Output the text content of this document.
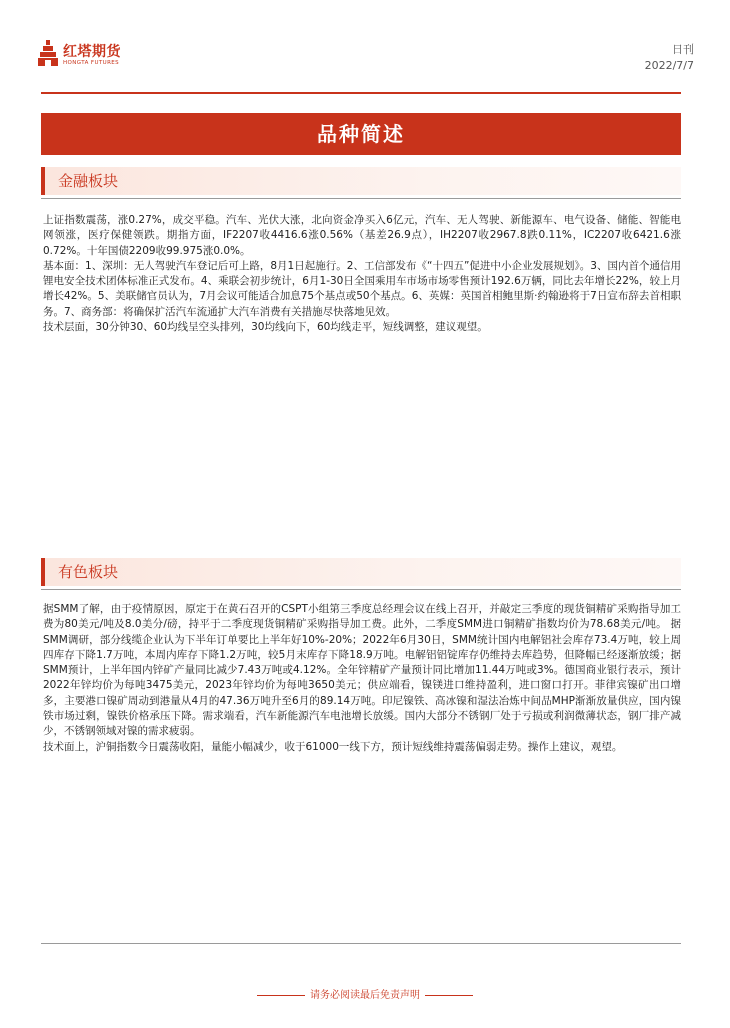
红塔期货
HONGTA FUTURES
日刊
2022/7/7
品种简述
金融板块

上证指数震荡，涨0.27%，成交平稳。汽车、光伏大涨，北向资金净买入6亿元，汽车、无人驾驶、新能源车、电气设备、储能、智能电网领涨，医疗保健领跌。期指方面，IF2207收4416.6涨0.56%（基差26.9点），IH2207收2967.8跌0.11%，IC2207收6421.6涨0.72%。十年国债2209收99.975涨0.0%。

基本面：1、深圳：无人驾驶汽车登记后可上路，8月1日起施行。2、工信部发布《“十四五”促进中小企业发展规划》。3、国内首个通信用锂电安全技术团体标准正式发布。4、乘联会初步统计，6月1-30日全国乘用车市场市场零售预计192.6万辆，同比去年增长22%，较上月增长42%。5、美联储官员认为，7月会议可能适合加息75个基点或50个基点。6、英媒：英国首相鲍里斯·约翰逊将于7日宣布辞去首相职务。7、商务部：将确保扩活汽车流通扩大汽车消费有关措施尽快落地见效。

技术层面，30分钟30、60均线呈空头排列，30均线向下，60均线走平，短线调整，建议观望。

有色板块

据SMM了解，由于疫情原因，原定于在黄石召开的CSPT小组第三季度总经理会议在线上召开，并敲定三季度的现货铜精矿采购指导加工费为80美元/吨及8.0美分/磅，持平于二季度现货铜精矿采购指导加工费。此外，二季度SMM进口铜精矿指数均价为78.68美元/吨。 据SMM调研，部分线缆企业认为下半年订单要比上半年好10%-20%；2022年6月30日，SMM统计国内电解铝社会库存73.4万吨，较上周四库存下降1.7万吨，本周内库存下降1.2万吨，较5月末库存下降18.9万吨。电解铝铝锭库存仍维持去库趋势，但降幅已经逐渐放缓；据SMM预计，上半年国内锌矿产量同比减少7.43万吨或4.12%。全年锌精矿产量预计同比增加11.44万吨或3%。德国商业银行表示，预计2022年锌均价为每吨3475美元，2023年锌均价为每吨3650美元；供应端看，镍镁进口维持盈利，进口窗口打开。菲律宾镍矿出口增多，主要港口镍矿周动到港量从4月的47.36万吨升至6月的89.14万吨。印尼镍铁、高冰镍和湿法冶炼中间品MHP渐渐放量供应，国内镍铁市场过剩，镍铁价格承压下降。需求端看，汽车新能源汽车电池增长放缓。国内大部分不锈钢厂处于亏损或利润微薄状态，钢厂排产减少，不锈钢领域对镍的需求疲弱。

技术面上，沪铜指数今日震荡收阳，量能小幅减少，收于61000一线下方，预计短线维持震荡偏弱走势。操作上建议，观望。

请务必阅读最后免责声明
